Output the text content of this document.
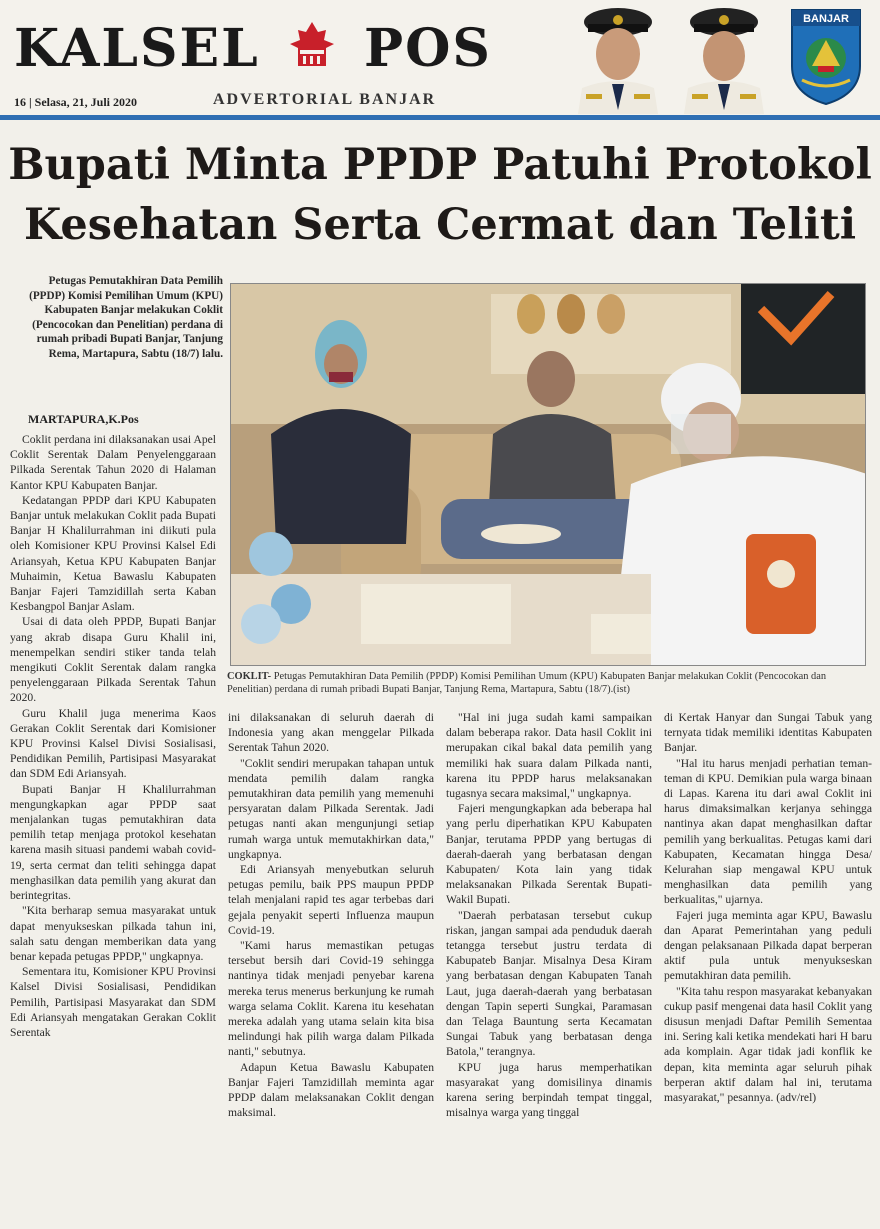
KALSEL POS
16 | Selasa, 21, Juli 2020	ADVERTORIAL BANJAR
BANJAR
Bupati Minta PPDP Patuhi Protokol
Kesehatan Serta Cermat dan Teliti
Petugas Pemutakhiran Data Pemilih (PPDP) Komisi Pemilihan Umum (KPU) Kabupaten Banjar melakukan Coklit (Pencocokan dan Penelitian) perdana di rumah pribadi Bupati Banjar, Tanjung Rema, Martapura, Sabtu (18/7) lalu.
MARTAPURA,K.Pos
COKLIT- Petugas Pemutakhiran Data Pemilih (PPDP) Komisi Pemilihan Umum (KPU) Kabupaten Banjar melakukan Coklit (Pencocokan dan Penelitian) perdana di rumah pribadi Bupati Banjar, Tanjung Rema, Martapura, Sabtu (18/7).(ist)

Coklit perdana ini dilaksanakan usai Apel Coklit Serentak Dalam Penyelenggaraan Pilkada Serentak Tahun 2020 di Halaman Kantor KPU Kabupaten Banjar.

Kedatangan PPDP dari KPU Kabupaten Banjar untuk melakukan Coklit pada Bupati Banjar H Khalilurrahman ini diikuti pula oleh Komisioner KPU Provinsi Kalsel Edi Ariansyah, Ketua KPU Kabupaten Banjar Muhaimin, Ketua Bawaslu Kabupaten Banjar Fajeri Tamzidillah serta Kaban Kesbangpol Banjar Aslam.

Usai di data oleh PPDP, Bupati Banjar yang akrab disapa Guru Khalil ini, menempelkan sendiri stiker tanda telah mengikuti Coklit Serentak dalam rangka penyelenggaraan Pilkada Serentak Tahun 2020.

Guru Khalil juga menerima Kaos Gerakan Coklit Serentak dari Komisioner KPU Provinsi Kalsel Divisi Sosialisasi, Pendidikan Pemilih, Partisipasi Masyarakat dan SDM Edi Ariansyah.

Bupati Banjar H Khalilurrahman mengungkapkan agar PPDP saat menjalankan tugas pemutakhiran data pemilih tetap menjaga protokol kesehatan karena masih situasi pandemi wabah covid-19, serta cermat dan teliti sehingga dapat menghasilkan data pemilih yang akurat dan berintegritas.

"Kita berharap semua masyarakat untuk dapat menyukseskan pilkada tahun ini, salah satu dengan memberikan data yang benar kepada petugas PPDP," ungkapnya.

Sementara itu, Komisioner KPU Provinsi Kalsel Divisi Sosialisasi, Pendidikan Pemilih, Partisipasi Masyarakat dan SDM Edi Ariansyah mengatakan Gerakan Coklit Serentak

ini dilaksanakan di seluruh daerah di Indonesia yang akan menggelar Pilkada Serentak Tahun 2020.

"Coklit sendiri merupakan tahapan untuk mendata pemilih dalam rangka pemutakhiran data pemilih yang memenuhi persyaratan dalam Pilkada Serentak. Jadi petugas nanti akan mengunjungi setiap rumah warga untuk memutakhirkan data," ungkapnya.

Edi Ariansyah menyebutkan seluruh petugas pemilu, baik PPS maupun PPDP telah menjalani rapid tes agar terbebas dari gejala penyakit seperti Influenza maupun Covid-19.

"Kami harus memastikan petugas tersebut bersih dari Covid-19 sehingga nantinya tidak menjadi penyebar karena mereka terus menerus berkunjung ke rumah warga selama Coklit. Karena itu kesehatan mereka adalah yang utama selain kita bisa melindungi hak pilih warga dalam Pilkada nanti," sebutnya.

Adapun Ketua Bawaslu Kabupaten Banjar Fajeri Tamzidillah meminta agar PPDP dalam melaksanakan Coklit dengan maksimal.

"Hal ini juga sudah kami sampaikan dalam beberapa rakor. Data hasil Coklit ini merupakan cikal bakal data pemilih yang memiliki hak suara dalam Pilkada nanti, karena itu PPDP harus melaksanakan tugasnya secara maksimal," ungkapnya.

Fajeri mengungkapkan ada beberapa hal yang perlu diperhatikan KPU Kabupaten Banjar, terutama PPDP yang bertugas di daerah-daerah yang berbatasan dengan Kabupaten/ Kota lain yang tidak melaksanakan Pilkada Serentak Bupati-Wakil Bupati.

"Daerah perbatasan tersebut cukup riskan, jangan sampai ada penduduk daerah tetangga tersebut justru terdata di Kabupateb Banjar. Misalnya Desa Kiram yang berbatasan dengan Kabupaten Tanah Laut, juga daerah-daerah yang berbatasan dengan Tapin seperti Sungkai, Paramasan dan Telaga Bauntung serta Kecamatan Sungai Tabuk yang berbatasan denga Batola," terangnya.

KPU juga harus memperhatikan masyarakat yang domisilinya dinamis karena sering berpindah tempat tinggal, misalnya warga yang tinggal

di Kertak Hanyar dan Sungai Tabuk yang ternyata tidak memiliki identitas Kabupaten Banjar.

"Hal itu harus menjadi perhatian teman-teman di KPU. Demikian pula warga binaan di Lapas. Karena itu dari awal Coklit ini harus dimaksimalkan kerjanya sehingga nantinya akan dapat menghasilkan daftar pemilih yang berkualitas. Petugas kami dari Kabupaten, Kecamatan hingga Desa/ Kelurahan siap mengawal KPU untuk menghasilkan data pemilih yang berkualitas," ujarnya.

Fajeri juga meminta agar KPU, Bawaslu dan Aparat Pemerintahan yang peduli dengan pelaksanaan Pilkada dapat berperan aktif pula untuk menyukseskan pemutakhiran data pemilih.

"Kita tahu respon masyarakat kebanyakan cukup pasif mengenai data hasil Coklit yang disusun menjadi Daftar Pemilih Sementaa ini. Sering kali ketika mendekati hari H baru ada komplain. Agar tidak jadi konflik ke depan, kita meminta agar seluruh pihak berperan aktif dalam hal ini, terutama masyarakat," pesannya. (adv/rel)
